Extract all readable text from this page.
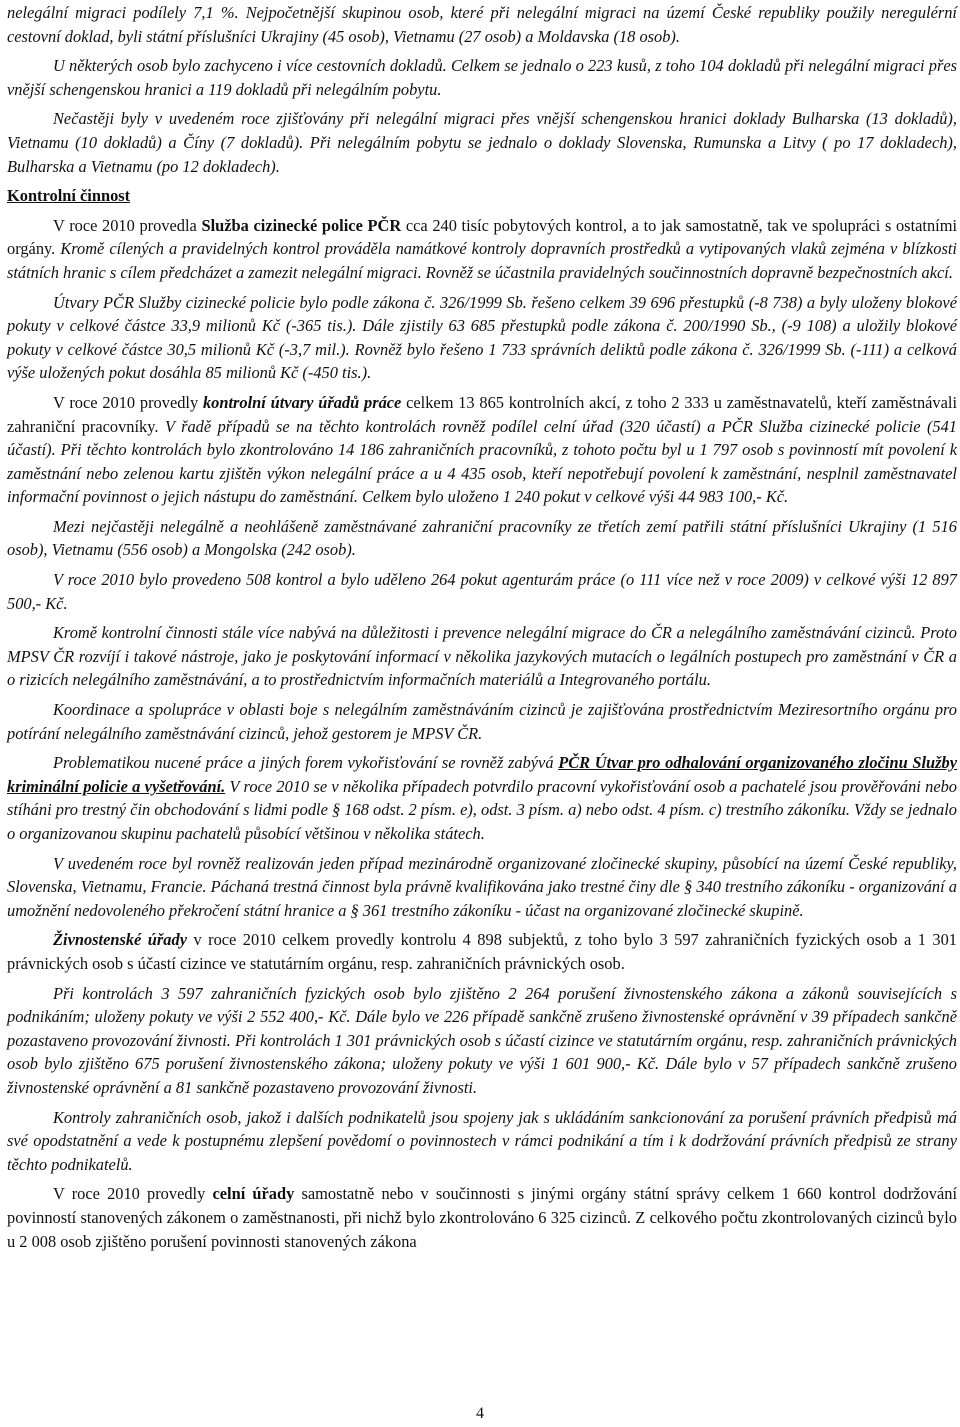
nelegální migraci podílely 7,1 %. Nejpočetnější skupinou osob, které při nelegální migraci na území České republiky použily neregulérní cestovní doklad, byli státní příslušníci Ukrajiny (45 osob), Vietnamu (27 osob) a Moldavska (18 osob).

U některých osob bylo zachyceno i více cestovních dokladů. Celkem se jednalo o 223 kusů, z toho 104 dokladů při nelegální migraci přes vnější schengenskou hranici a 119 dokladů při nelegálním pobytu.

Nečastěji byly v uvedeném roce zjišťovány při nelegální migraci přes vnější schengenskou hranici doklady Bulharska (13 dokladů), Vietnamu (10 dokladů) a Číny (7 dokladů). Při nelegálním pobytu se jednalo o doklady Slovenska, Rumunska a Litvy ( po 17 dokladech), Bulharska a Vietnamu (po 12 dokladech).

Kontrolní činnost

V roce 2010 provedla Služba cizinecké police PČR cca 240 tisíc pobytových kontrol, a to jak samostatně, tak ve spolupráci s ostatními orgány. Kromě cílených a pravidelných kontrol prováděla namátkové kontroly dopravních prostředků a vytipovaných vlaků zejména v blízkosti státních hranic s cílem předcházet a zamezit nelegální migraci. Rovněž se účastnila pravidelných součinnostních dopravně bezpečnostních akcí.

Útvary PČR Služby cizinecké policie bylo podle zákona č. 326/1999 Sb. řešeno celkem 39 696 přestupků (-8 738) a byly uloženy blokové pokuty v celkové částce 33,9 milionů Kč (-365 tis.). Dále zjistily 63 685 přestupků podle zákona č. 200/1990 Sb., (-9 108) a uložily blokové pokuty v celkové částce 30,5 milionů Kč (-3,7 mil.). Rovněž bylo řešeno 1 733 správních deliktů podle zákona č. 326/1999 Sb. (-111) a celková výše uložených pokut dosáhla 85 milionů Kč (-450 tis.).

V roce 2010 provedly kontrolní útvary úřadů práce celkem 13 865 kontrolních akcí, z toho 2 333 u zaměstnavatelů, kteří zaměstnávali zahraniční pracovníky. V řadě případů se na těchto kontrolách rovněž podílel celní úřad (320 účastí) a PČR Služba cizinecké policie (541 účastí). Při těchto kontrolách bylo zkontrolováno 14 186 zahraničních pracovníků, z tohoto počtu byl u 1 797 osob s povinností mít povolení k zaměstnání nebo zelenou kartu zjištěn výkon nelegální práce a u 4 435 osob, kteří nepotřebují povolení k zaměstnání, nesplnil zaměstnavatel informační povinnost o jejich nástupu do zaměstnání. Celkem bylo uloženo 1 240 pokut v celkové výši 44 983 100,- Kč.

Mezi nejčastěji nelegálně a neohlášeně zaměstnávané zahraniční pracovníky ze třetích zemí patřili státní příslušníci Ukrajiny (1 516 osob), Vietnamu (556 osob) a Mongolska (242 osob).

V roce 2010 bylo provedeno 508 kontrol a bylo uděleno 264 pokut agenturám práce (o 111 více než v roce 2009) v celkové výši 12 897 500,- Kč.

Kromě kontrolní činnosti stále více nabývá na důležitosti i prevence nelegální migrace do ČR a nelegálního zaměstnávání cizinců. Proto MPSV ČR rozvíjí i takové nástroje, jako je poskytování informací v několika jazykových mutacích o legálních postupech pro zaměstnání v ČR a o rizicích nelegálního zaměstnávání, a to prostřednictvím informačních materiálů a Integrovaného portálu.

Koordinace a spolupráce v oblasti boje s nelegálním zaměstnáváním cizinců je zajišťována prostřednictvím Meziresortního orgánu pro potírání nelegálního zaměstnávání cizinců, jehož gestorem je MPSV ČR.

Problematikou nucené práce a jiných forem vykořisťování se rovněž zabývá PČR Útvar pro odhalování organizovaného zločinu Služby kriminální policie a vyšetřování. V roce 2010 se v několika případech potvrdilo pracovní vykořisťování osob a pachatelé jsou prověřováni nebo stíháni pro trestný čin obchodování s lidmi podle § 168 odst. 2 písm. e), odst. 3 písm. a) nebo odst. 4 písm. c) trestního zákoníku. Vždy se jednalo o organizovanou skupinu pachatelů působící většinou v několika státech.

V uvedeném roce byl rovněž realizován jeden případ mezinárodně organizované zločinecké skupiny, působící na území České republiky, Slovenska, Vietnamu, Francie. Páchaná trestná činnost byla právně kvalifikována jako trestné činy dle § 340 trestního zákoníku - organizování a umožnění nedovoleného překročení státní hranice a § 361 trestního zákoníku - účast na organizované zločinecké skupině.

Živnostenské úřady v roce 2010 celkem provedly kontrolu 4 898 subjektů, z toho bylo 3 597 zahraničních fyzických osob a 1 301 právnických osob s účastí cizince ve statutárním orgánu, resp. zahraničních právnických osob.

Při kontrolách 3 597 zahraničních fyzických osob bylo zjištěno 2 264 porušení živnostenského zákona a zákonů souvisejících s podnikáním; uloženy pokuty ve výši 2 552 400,- Kč. Dále bylo ve 226 případě sankčně zrušeno živnostenské oprávnění v 39 případech sankčně pozastaveno provozování živnosti. Při kontrolách 1 301 právnických osob s účastí cizince ve statutárním orgánu, resp. zahraničních právnických osob bylo zjištěno 675 porušení živnostenského zákona; uloženy pokuty ve výši 1 601 900,- Kč. Dále bylo v 57 případech sankčně zrušeno živnostenské oprávnění a 81 sankčně pozastaveno provozování živnosti.

Kontroly zahraničních osob, jakož i dalších podnikatelů jsou spojeny jak s ukládáním sankcionování za porušení právních předpisů má své opodstatnění a vede k postupnému zlepšení povědomí o povinnostech v rámci podnikání a tím i k dodržování právních předpisů ze strany těchto podnikatelů.

V roce 2010 provedly celní úřady samostatně nebo v součinnosti s jinými orgány státní správy celkem 1 660 kontrol dodržování povinností stanovených zákonem o zaměstnanosti, při nichž bylo zkontrolováno 6 325 cizinců. Z celkového počtu zkontrolovaných cizinců bylo u 2 008 osob zjištěno porušení povinnosti stanovených zákona

4
